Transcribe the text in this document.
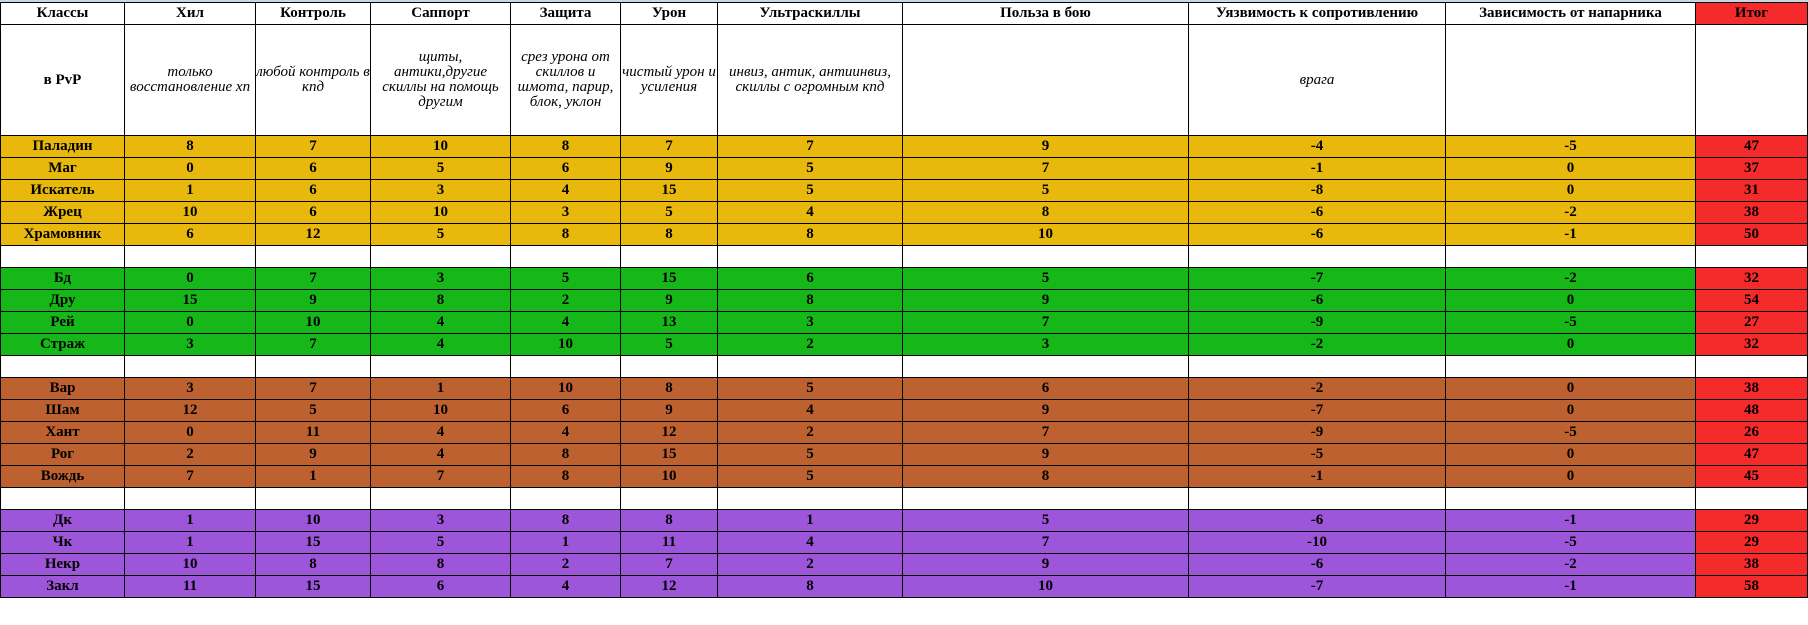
Классы	Хил	Контроль	Саппорт	Защита	Урон	Ультраскиллы	Польза в бою	Уязвимость к сопротивлению	Зависимость от напарника	Итог
в PvP	только восстановление хп	любой контроль в кпд	щиты, антики,другие скиллы на помощь другим	срез урона от скиллов и шмота, парир, блок, уклон	чистый урон и усиления	инвиз, антик, антиинвиз, скиллы с огромным кпд		врага		
Паладин	8	7	10	8	7	7	9	-4	-5	47
Маг	0	6	5	6	9	5	7	-1	0	37
Искатель	1	6	3	4	15	5	5	-8	0	31
Жрец	10	6	10	3	5	4	8	-6	-2	38
Храмовник	6	12	5	8	8	8	10	-6	-1	50

Бд	0	7	3	5	15	6	5	-7	-2	32
Дру	15	9	8	2	9	8	9	-6	0	54
Рей	0	10	4	4	13	3	7	-9	-5	27
Страж	3	7	4	10	5	2	3	-2	0	32

Вар	3	7	1	10	8	5	6	-2	0	38
Шам	12	5	10	6	9	4	9	-7	0	48
Хант	0	11	4	4	12	2	7	-9	-5	26
Рог	2	9	4	8	15	5	9	-5	0	47
Вождь	7	1	7	8	10	5	8	-1	0	45

Дк	1	10	3	8	8	1	5	-6	-1	29
Чк	1	15	5	1	11	4	7	-10	-5	29
Некр	10	8	8	2	7	2	9	-6	-2	38
Закл	11	15	6	4	12	8	10	-7	-1	58
